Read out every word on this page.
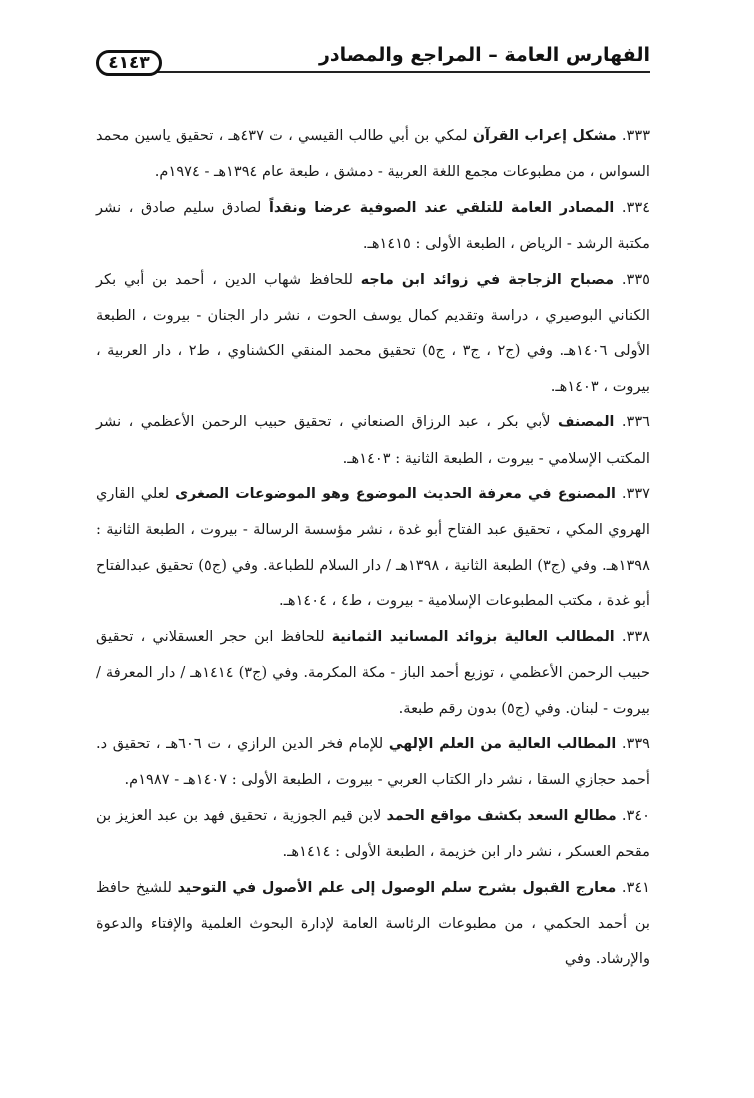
الفهارس العامة – المراجع والمصادر
٤١٤٣

٣٣٣. مشكل إعراب القرآن لمكي بن أبي طالب القيسي ، ت ٤٣٧هـ ، تحقيق ياسين محمد السواس ، من مطبوعات مجمع اللغة العربية - دمشق ، طبعة عام ١٣٩٤هـ - ١٩٧٤م.

٣٣٤. المصادر العامة للتلقي عند الصوفية عرضا ونقداً لصادق سليم صادق ، نشر مكتبة الرشد - الرياض ، الطبعة الأولى : ١٤١٥هـ.

٣٣٥. مصباح الزجاجة في زوائد ابن ماجه للحافظ شهاب الدين ، أحمد بن أبي بكر الكناني البوصيري ، دراسة وتقديم كمال يوسف الحوت ، نشر دار الجنان - بيروت ، الطبعة الأولى ١٤٠٦هـ. وفي (ج٢ ، ج٣ ، ج٥) تحقيق محمد المنقي الكشناوي ، ط٢ ، دار العربية ، بيروت ، ١٤٠٣هـ.

٣٣٦. المصنف لأبي بكر ، عبد الرزاق الصنعاني ، تحقيق حبيب الرحمن الأعظمي ، نشر المكتب الإسلامي - بيروت ، الطبعة الثانية : ١٤٠٣هـ.

٣٣٧. المصنوع في معرفة الحديث الموضوع وهو الموضوعات الصغرى لعلي القاري الهروي المكي ، تحقيق عبد الفتاح أبو غدة ، نشر مؤسسة الرسالة - بيروت ، الطبعة الثانية : ١٣٩٨هـ. وفي (ج٣) الطبعة الثانية ، ١٣٩٨هـ / دار السلام للطباعة. وفي (ج٥) تحقيق عبدالفتاح أبو غدة ، مكتب المطبوعات الإسلامية - بيروت ، ط٤ ، ١٤٠٤هـ.

٣٣٨. المطالب العالية بزوائد المسانيد الثمانية للحافظ ابن حجر العسقلاني ، تحقيق حبيب الرحمن الأعظمي ، توزيع أحمد الباز - مكة المكرمة. وفي (ج٣) ١٤١٤هـ / دار المعرفة / بيروت - لبنان. وفي (ج٥) بدون رقم طبعة.

٣٣٩. المطالب العالية من العلم الإلهي للإمام فخر الدين الرازي ، ت ٦٠٦هـ ، تحقيق د. أحمد حجازي السقا ، نشر دار الكتاب العربي - بيروت ، الطبعة الأولى : ١٤٠٧هـ - ١٩٨٧م.

٣٤٠. مطالع السعد بكشف مواقع الحمد لابن قيم الجوزية ، تحقيق فهد بن عبد العزيز بن مقحم العسكر ، نشر دار ابن خزيمة ، الطبعة الأولى : ١٤١٤هـ.

٣٤١. معارج القبول بشرح سلم الوصول إلى علم الأصول في التوحيد للشيخ حافظ بن أحمد الحكمي ، من مطبوعات الرئاسة العامة لإدارة البحوث العلمية والإفتاء والدعوة والإرشاد. وفي
